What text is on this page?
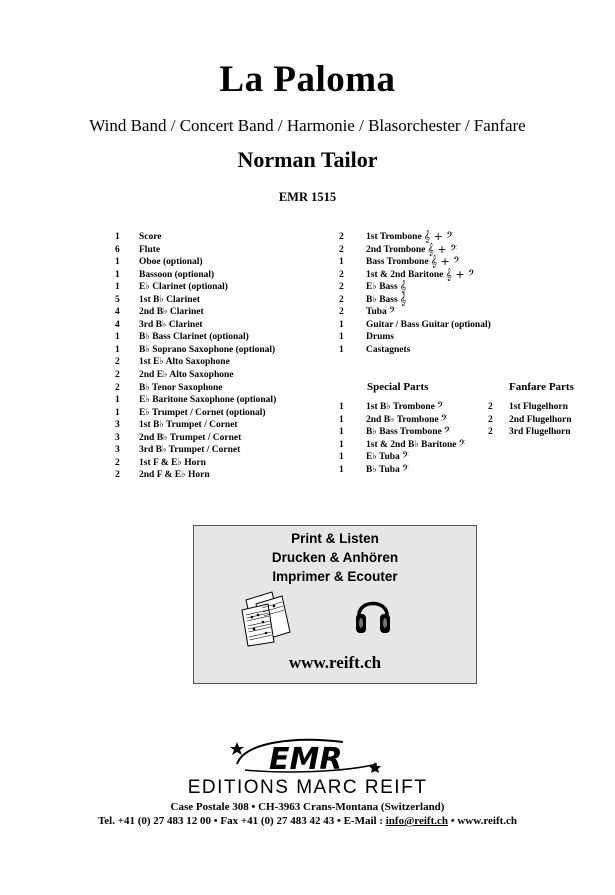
La Paloma
Wind Band / Concert Band / Harmonie / Blasorchester / Fanfare
Norman Tailor
EMR 1515
1	Score
6	Flute
1	Oboe (optional)
1	Bassoon (optional)
1	E♭ Clarinet (optional)
5	1st B♭ Clarinet
4	2nd B♭ Clarinet
4	3rd B♭ Clarinet
1	B♭ Bass Clarinet (optional)
1	B♭ Soprano Saxophone (optional)
2	1st E♭ Alto Saxophone
2	2nd E♭ Alto Saxophone
2	B♭ Tenor Saxophone
1	E♭ Baritone Saxophone (optional)
1	E♭ Trumpet / Cornet (optional)
3	1st B♭ Trumpet / Cornet
3	2nd B♭ Trumpet / Cornet
3	3rd B♭ Trumpet / Cornet
2	1st F & E♭ Horn
2	2nd F & E♭ Horn
2	1st Trombone 𝄞 + 𝄢
2	2nd Trombone 𝄞 + 𝄢
1	Bass Trombone 𝄞 + 𝄢
2	1st & 2nd Baritone 𝄞 + 𝄢
2	E♭ Bass 𝄞
2	B♭ Bass 𝄞
2	Tuba 𝄢
1	Guitar / Bass Guitar (optional)
1	Drums
1	Castagnets
Special Parts	Fanfare Parts
1	1st B♭ Trombone 𝄢
1	2nd B♭ Trombone 𝄢
1	B♭ Bass Trombone 𝄢
1	1st & 2nd B♭ Baritone 𝄢
1	E♭ Tuba 𝄢
1	B♭ Tuba 𝄢
2	1st Flugelhorn
2	2nd Flugelhorn
2	3rd Flugelhorn
Print & Listen
Drucken & Anhören
Imprimer & Ecouter
www.reift.ch
EMR
EDITIONS MARC REIFT
Case Postale 308 • CH-3963 Crans-Montana (Switzerland)
Tel. +41 (0) 27 483 12 00 • Fax +41 (0) 27 483 42 43 • E-Mail : info@reift.ch • www.reift.ch
